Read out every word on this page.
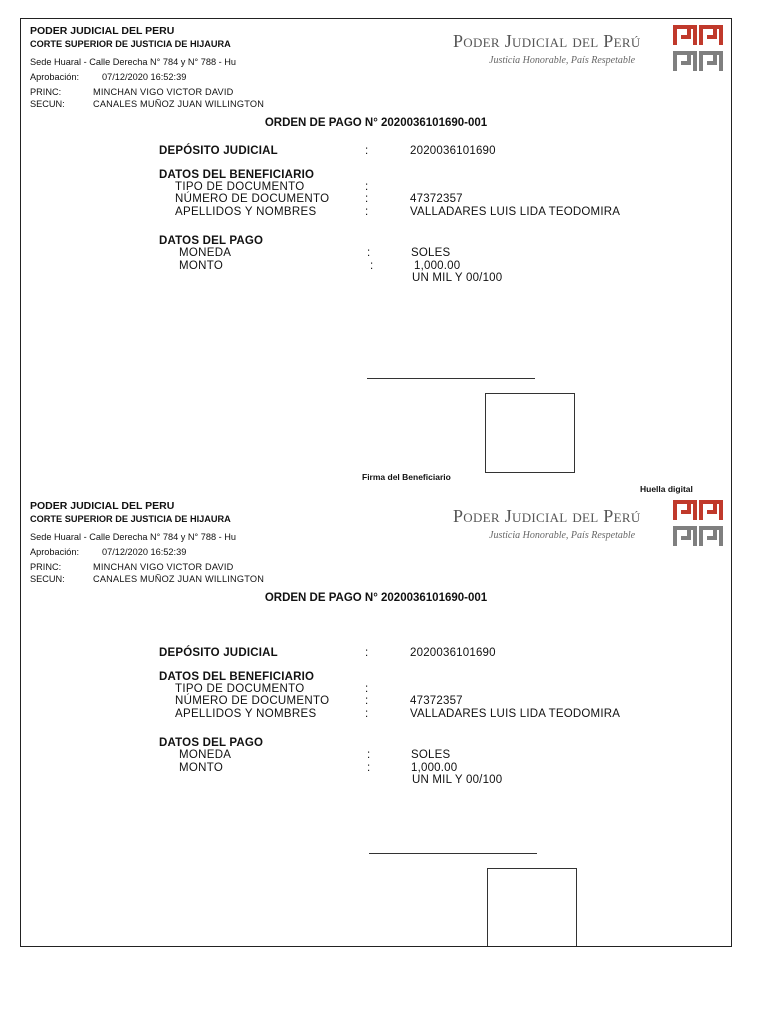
PODER JUDICIAL DEL PERU
CORTE SUPERIOR DE JUSTICIA DE HIJAURA
Sede Huaral - Calle Derecha N° 784 y N° 788 - Hu
Aprobación: 07/12/2020 16:52:39
PRINC:	MINCHAN VIGO VICTOR DAVID
SECUN:	CANALES MUÑOZ JUAN WILLINGTON
Poder Judicial del Perú
Justicia Honorable, País Respetable
ORDEN DE PAGO N° 2020036101690-001
DEPÓSITO JUDICIAL	:	2020036101690
DATOS DEL BENEFICIARIO
TIPO DE DOCUMENTO	:
NÚMERO DE DOCUMENTO	:	47372357
APELLIDOS Y NOMBRES	:	VALLADARES LUIS LIDA TEODOMIRA
DATOS DEL PAGO
MONEDA	:	SOLES
MONTO	:	1,000.00
UN MIL Y 00/100
Firma del Beneficiario
Huella digital
PODER JUDICIAL DEL PERU
CORTE SUPERIOR DE JUSTICIA DE HIJAURA
Sede Huaral - Calle Derecha N° 784 y N° 788 - Hu
Aprobación: 07/12/2020 16:52:39
PRINC:	MINCHAN VIGO VICTOR DAVID
SECUN:	CANALES MUÑOZ JUAN WILLINGTON
Poder Judicial del Perú
Justicia Honorable, País Respetable
ORDEN DE PAGO N° 2020036101690-001
DEPÓSITO JUDICIAL	:	2020036101690
DATOS DEL BENEFICIARIO
TIPO DE DOCUMENTO	:
NÚMERO DE DOCUMENTO	:	47372357
APELLIDOS Y NOMBRES	:	VALLADARES LUIS LIDA TEODOMIRA
DATOS DEL PAGO
MONEDA	:	SOLES
MONTO	:	1,000.00
UN MIL Y 00/100
